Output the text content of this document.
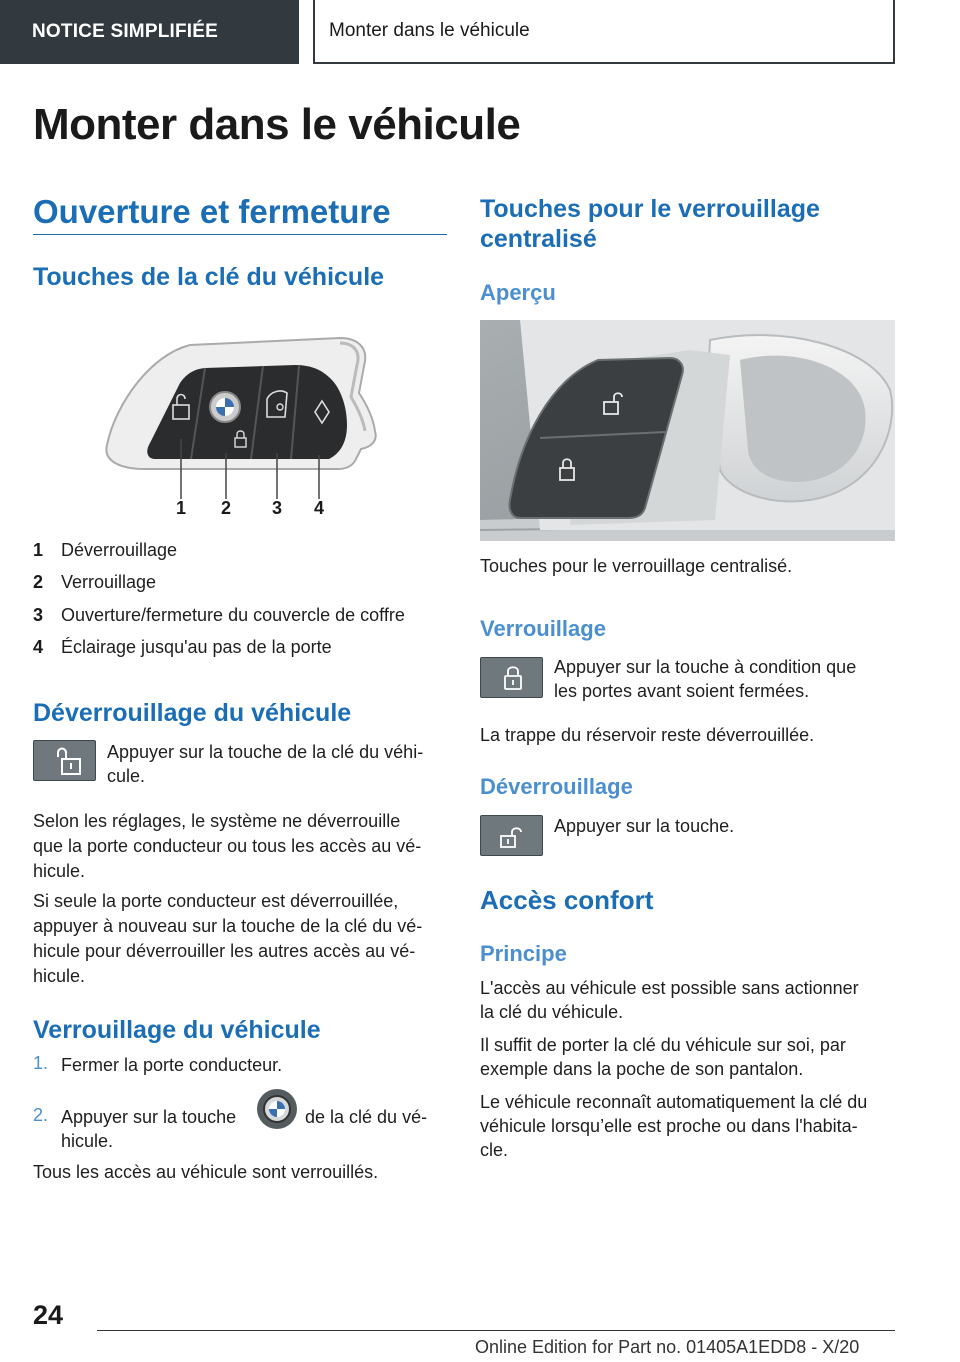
NOTICE SIMPLIFIÉE	Monter dans le véhicule
Monter dans le véhicule
Ouverture et fermeture
Touches de la clé du véhicule
1 2 3 4
1 Déverrouillage
2 Verrouillage
3 Ouverture/fermeture du couvercle de coffre
4 Éclairage jusqu'au pas de la porte
Déverrouillage du véhicule
Appuyer sur la touche de la clé du véhi-
cule.
Selon les réglages, le système ne déverrouille
que la porte conducteur ou tous les accès au vé-
hicule.
Si seule la porte conducteur est déverrouillée,
appuyer à nouveau sur la touche de la clé du vé-
hicule pour déverrouiller les autres accès au vé-
hicule.
Verrouillage du véhicule
1. Fermer la porte conducteur.
2. Appuyer sur la touche	de la clé du vé-
hicule.
Tous les accès au véhicule sont verrouillés.
Touches pour le verrouillage
centralisé
Aperçu
Touches pour le verrouillage centralisé.
Verrouillage
Appuyer sur la touche à condition que
les portes avant soient fermées.
La trappe du réservoir reste déverrouillée.
Déverrouillage
Appuyer sur la touche.
Accès confort
Principe
L'accès au véhicule est possible sans actionner
la clé du véhicule.
Il suffit de porter la clé du véhicule sur soi, par
exemple dans la poche de son pantalon.
Le véhicule reconnaît automatiquement la clé du
véhicule lorsqu’elle est proche ou dans l'habita-
cle.
24
Online Edition for Part no. 01405A1EDD8 - X/20
